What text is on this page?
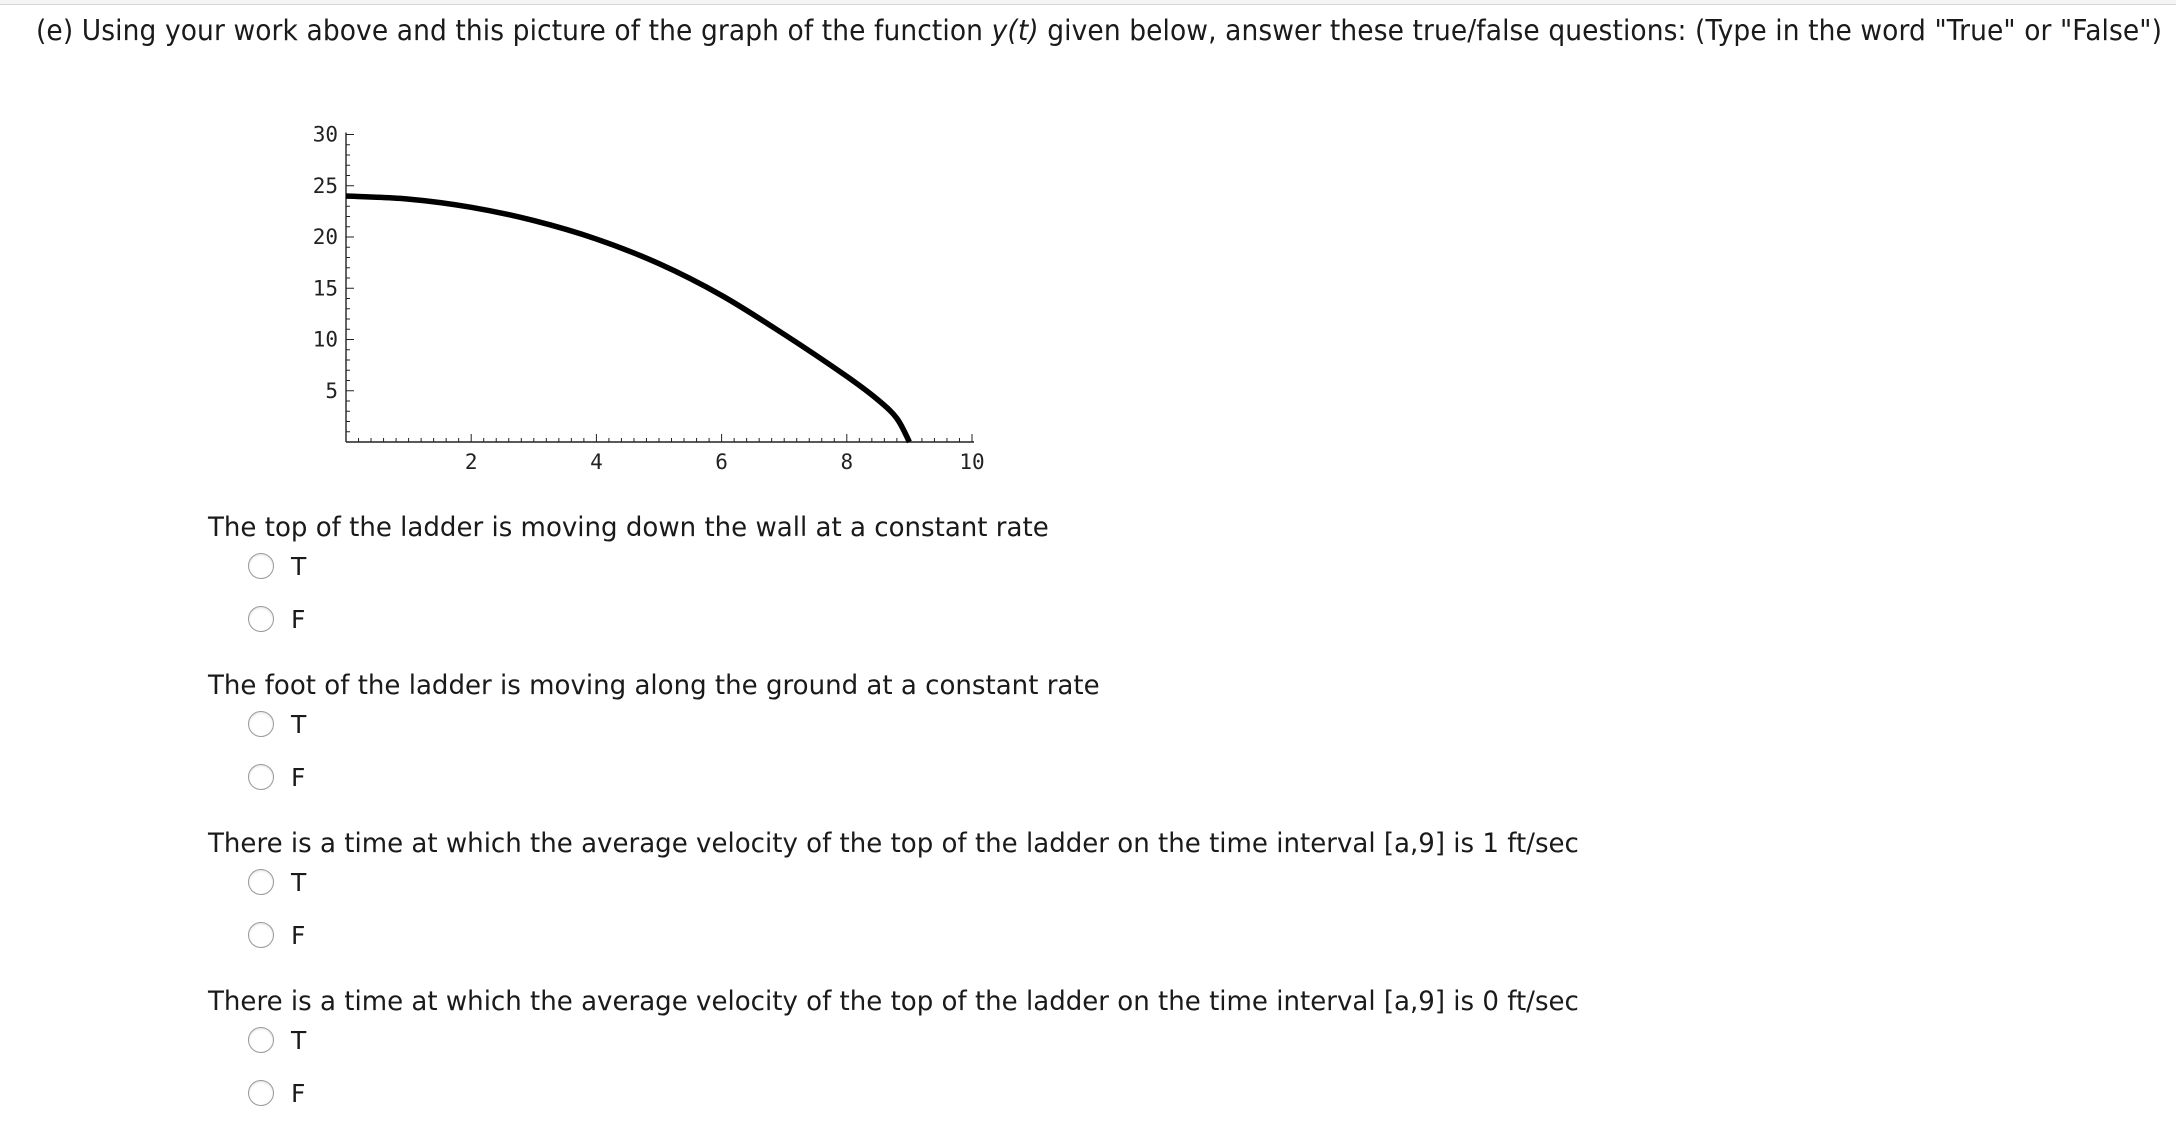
(e) Using your work above and this picture of the graph of the function y(t) given below, answer these true/false questions: (Type in the word "True" or "False")
2	4	6	8	10
5
10
15
20
25
30
The top of the ladder is moving down the wall at a constant rate
T
F
The foot of the ladder is moving along the ground at a constant rate
T
F
There is a time at which the average velocity of the top of the ladder on the time interval [a,9] is 1 ft/sec
T
F
There is a time at which the average velocity of the top of the ladder on the time interval [a,9] is 0 ft/sec
T
F
